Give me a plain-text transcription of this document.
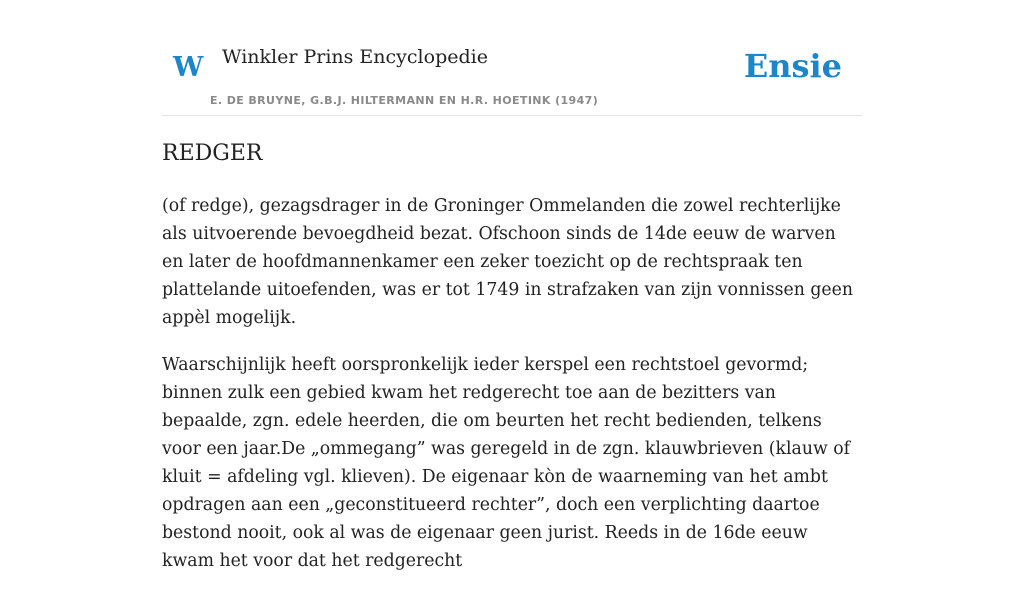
W Winkler Prins Encyclopedie
E. DE BRUYNE, G.B.J. HILTERMANN EN H.R. HOETINK (1947)
Ensie
REDGER

(of redge), gezagsdrager in de Groninger Ommelanden die zowel rechterlijke als uitvoerende bevoegdheid bezat. Ofschoon sinds de 14de eeuw de warven en later de hoofdmannenkamer een zeker toezicht op de rechtspraak ten plattelande uitoefenden, was er tot 1749 in strafzaken van zijn vonnissen geen appèl mogelijk.

Waarschijnlijk heeft oorspronkelijk ieder kerspel een rechtstoel gevormd; binnen zulk een gebied kwam het redgerecht toe aan de bezitters van bepaalde, zgn. edele heerden, die om beurten het recht bedienden, telkens voor een jaar.De „ommegang” was geregeld in de zgn. klauwbrieven (klauw of kluit = afdeling vgl. klieven). De eigenaar kòn de waarneming van het ambt opdragen aan een „geconstitueerd rechter”, doch een verplichting daartoe bestond nooit, ook al was de eigenaar geen jurist. Reeds in de 16de eeuw kwam het voor dat het redgerecht
